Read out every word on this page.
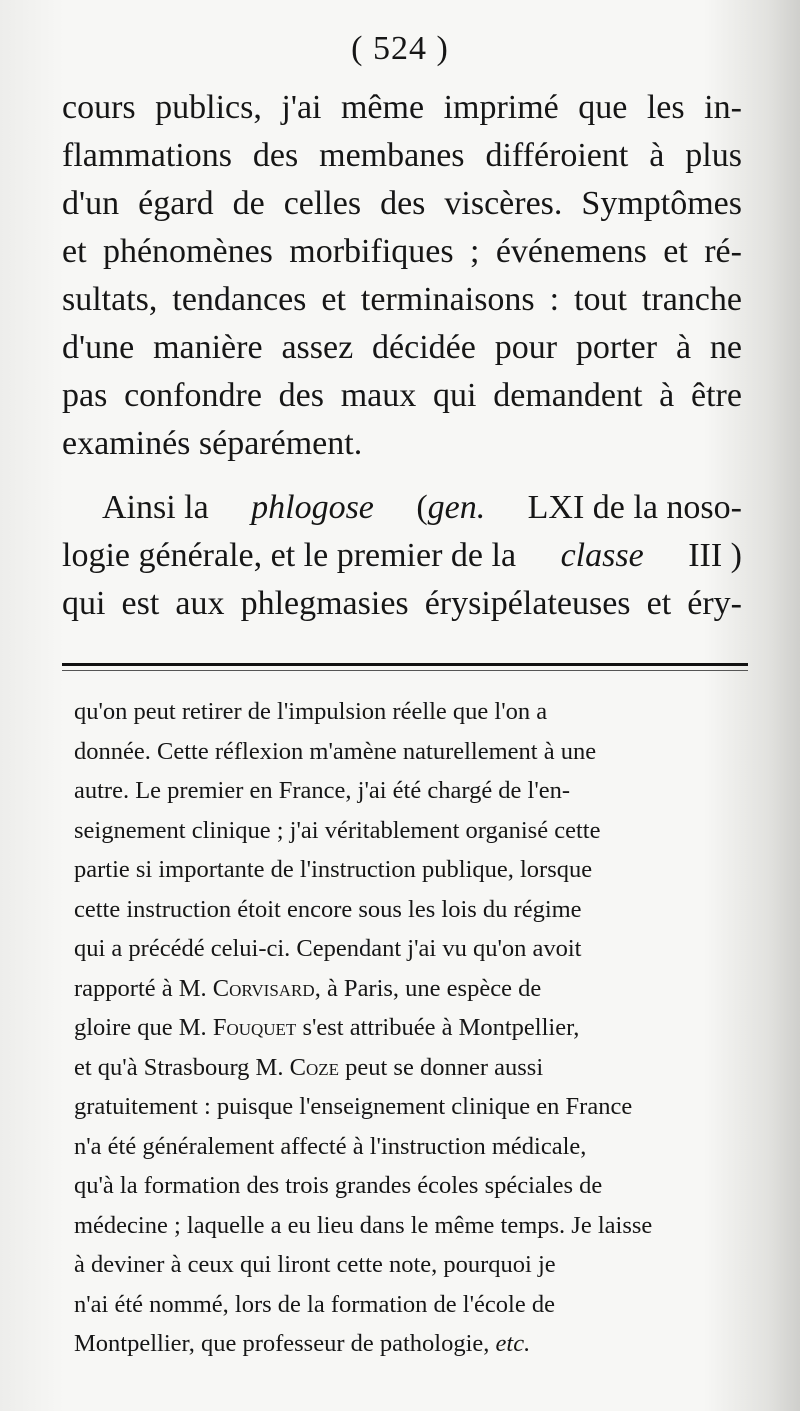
( 524 )
cours publics, j'ai même imprimé que les in-
flammations des membanes différoient à plus
d'un égard de celles des viscères. Symptômes
et phénomènes morbifiques ; événemens et ré-
sultats, tendances et terminaisons : tout tranche
d'une manière assez décidée pour porter à ne
pas confondre des maux qui demandent à être
examinés séparément.
Ainsi la phlogose (gen. LXI de la noso-
logie générale, et le premier de la classe III )
qui est aux phlegmasies érysipélateuses et éry-
qu'on peut retirer de l'impulsion réelle que l'on a
donnée. Cette réflexion m'amène naturellement à une
autre. Le premier en France, j'ai été chargé de l'en-
seignement clinique ; j'ai véritablement organisé cette
partie si importante de l'instruction publique, lorsque
cette instruction étoit encore sous les lois du régime
qui a précédé celui-ci. Cependant j'ai vu qu'on avoit
rapporté à M. Corvisard, à Paris, une espèce de
gloire que M. Fouquet s'est attribuée à Montpellier,
et qu'à Strasbourg M. Coze peut se donner aussi
gratuitement : puisque l'enseignement clinique en France
n'a été généralement affecté à l'instruction médicale,
qu'à la formation des trois grandes écoles spéciales de
médecine ; laquelle a eu lieu dans le même temps. Je laisse
à deviner à ceux qui liront cette note, pourquoi je
n'ai été nommé, lors de la formation de l'école de
Montpellier, que professeur de pathologie, etc.
